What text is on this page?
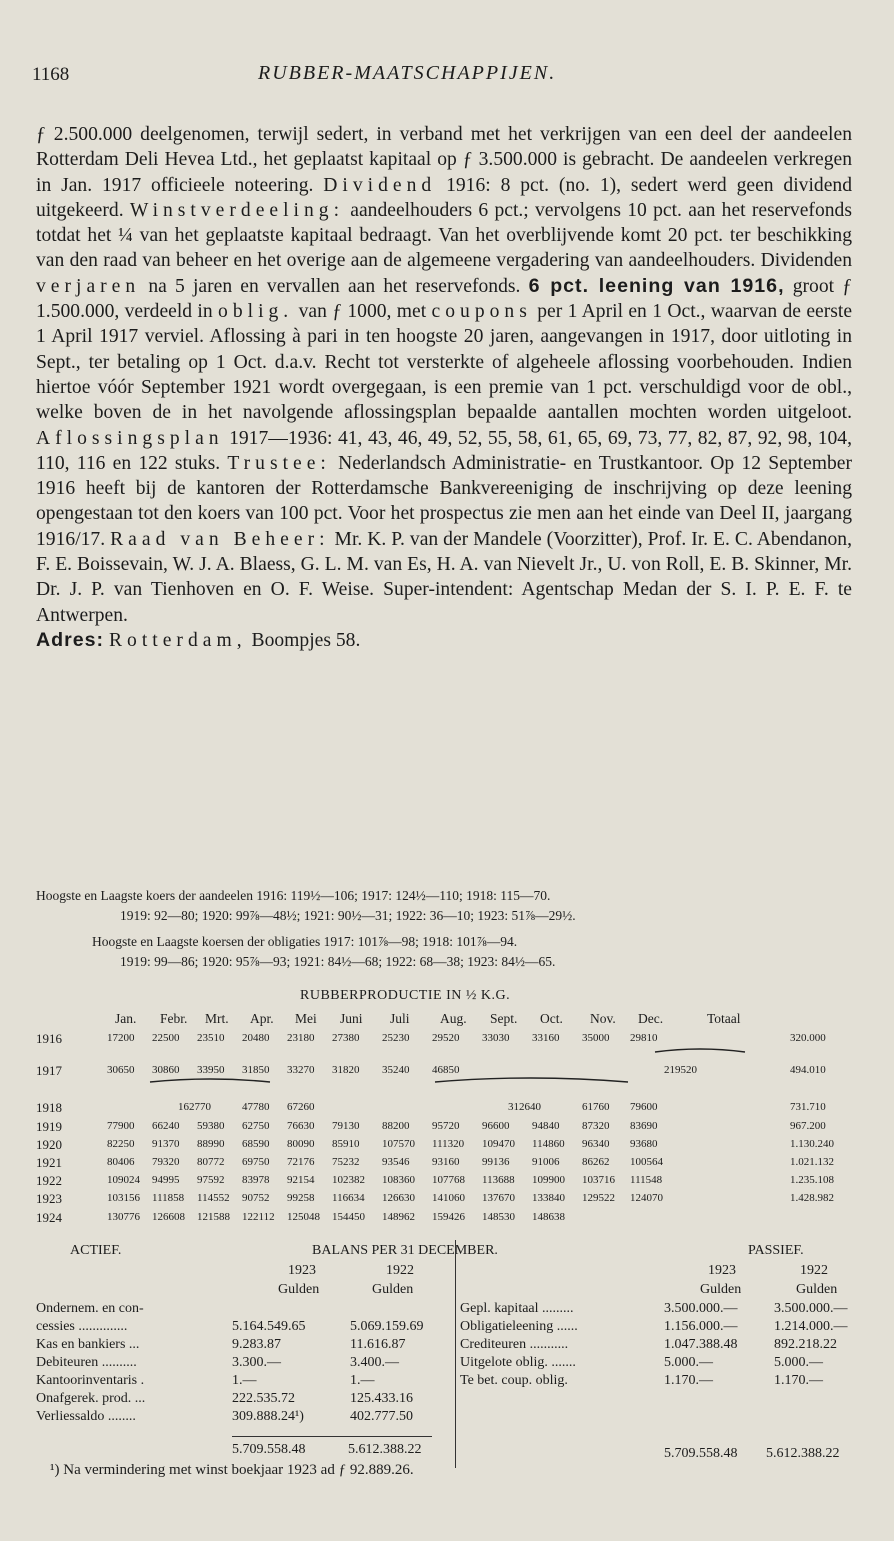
1168	RUBBER-MAATSCHAPPIJEN.

ƒ 2.500.000 deelgenomen, terwijl sedert, in verband met het verkrijgen van een deel der aandeelen Rotterdam Deli Hevea Ltd., het geplaatst kapitaal op ƒ 3.500.000 is gebracht. De aandeelen verkregen in Jan. 1917 officieele noteering. Dividend 1916: 8 pct. (no. 1), sedert werd geen dividend uitgekeerd. Winstverdeeling: aandeelhouders 6 pct.; vervolgens 10 pct. aan het reservefonds totdat het ¼ van het geplaatste kapitaal bedraagt. Van het overblijvende komt 20 pct. ter beschikking van den raad van beheer en het overige aan de algemeene vergadering van aandeelhouders. Dividenden verjaren na 5 jaren en vervallen aan het reservefonds. 6 pct. leening van 1916, groot ƒ 1.500.000, verdeeld in oblig. van ƒ 1000, met coupons per 1 April en 1 Oct., waarvan de eerste 1 April 1917 verviel. Aflossing à pari in ten hoogste 20 jaren, aangevangen in 1917, door uitloting in Sept., ter betaling op 1 Oct. d.a.v. Recht tot versterkte of algeheele aflossing voorbehouden. Indien hiertoe vóór September 1921 wordt overgegaan, is een premie van 1 pct. verschuldigd voor de obl., welke boven de in het navolgende aflossingsplan bepaalde aantallen mochten worden uitgeloot. Aflossingsplan 1917—1936: 41, 43, 46, 49, 52, 55, 58, 61, 65, 69, 73, 77, 82, 87, 92, 98, 104, 110, 116 en 122 stuks. Trustee: Nederlandsch Administratie- en Trustkantoor. Op 12 September 1916 heeft bij de kantoren der Rotterdamsche Bankvereeniging de inschrijving op deze leening opengestaan tot den koers van 100 pct. Voor het prospectus zie men aan het einde van Deel II, jaargang 1916/17. Raad van Beheer: Mr. K. P. van der Mandele (Voorzitter), Prof. Ir. E. C. Abendanon, F. E. Boissevain, W. J. A. Blaess, G. L. M. van Es, H. A. van Nievelt Jr., U. von Roll, E. B. Skinner, Mr. Dr. J. P. van Tienhoven en O. F. Weise. Super-intendent: Agentschap Medan der S. I. P. E. F. te Antwerpen.

Adres: Rotterdam, Boompjes 58.

Hoogste en Laagste koers der aandeelen 1916: 119½—106; 1917: 124½—110; 1918: 115—70.
1919: 92—80; 1920: 99⅞—48½; 1921: 90½—31; 1922: 36—10; 1923: 51⅞—29½.
Hoogste en Laagste koersen der obligaties 1917: 101⅞—98; 1918: 101⅞—94.
1919: 99—86; 1920: 95⅞—93; 1921: 84½—68; 1922: 68—38; 1923: 84½—65.
RUBBERPRODUCTIE IN ½ K.G.
Jan. Febr. Mrt. Apr. Mei Juni Juli Aug. Sept. Oct. Nov. Dec.	Totaal
1916	17200 22500 23510 20480 23180 27380 25230 29520 33030 33160 35000 29810	320.000
1917	30650 30860 33950 31850 33270 31820 35240 46850	219520	494.010
1918	162770	47780 67260	312640	61760 79600	731.710
1919	77900 66240 59380 62750 76630 79130 88200 95720 96600 94840 87320 83690	967.200
1920	82250 91370 88990 68590 80090 85910 107570 111320 109470 114860 96340 93680	1.130.240
1921	80406 79320 80772 69750 72176 75232 93546 93160 99136 91006 86262 100564	1.021.132
1922	109024 94995 97592 83978 92154 102382 108360 107768 113688 109900 103716 111548	1.235.108
1923	103156 111858 114552 90752 99258 116634 126630 141060 137670 133840 129522 124070	1.428.982
1924	130776 126608 121588 122112 125048 154450 148962 159426 148530 148638
ACTIEF.	BALANS PER 31 DECEMBER.	PASSIEF.
1923	1922	1923	1922
Gulden	Gulden	Gulden	Gulden
Ondernem. en con-
cessies ..............	5.164.549.65	5.069.159.69
Kas en bankiers ...	9.283.87	11.616.87
Debiteuren ..........	3.300.—	3.400.—
Kantoorinventaris .	1.—	1.—
Onafgerek. prod. ...	222.535.72	125.433.16
Verliessaldo ........	309.888.24¹)	402.777.50
Gepl. kapitaal .........	3.500.000.—	3.500.000.—
Obligatieleening ......	1.156.000.—	1.214.000.—
Crediteuren ...........	1.047.388.48	892.218.22
Uitgelote oblig. .......	5.000.—	5.000.—
Te bet. coup. oblig.	1.170.—	1.170.—
5.709.558.48	5.612.388.22	5.709.558.48 5.612.388.22
¹) Na vermindering met winst boekjaar 1923 ad ƒ 92.889.26.
